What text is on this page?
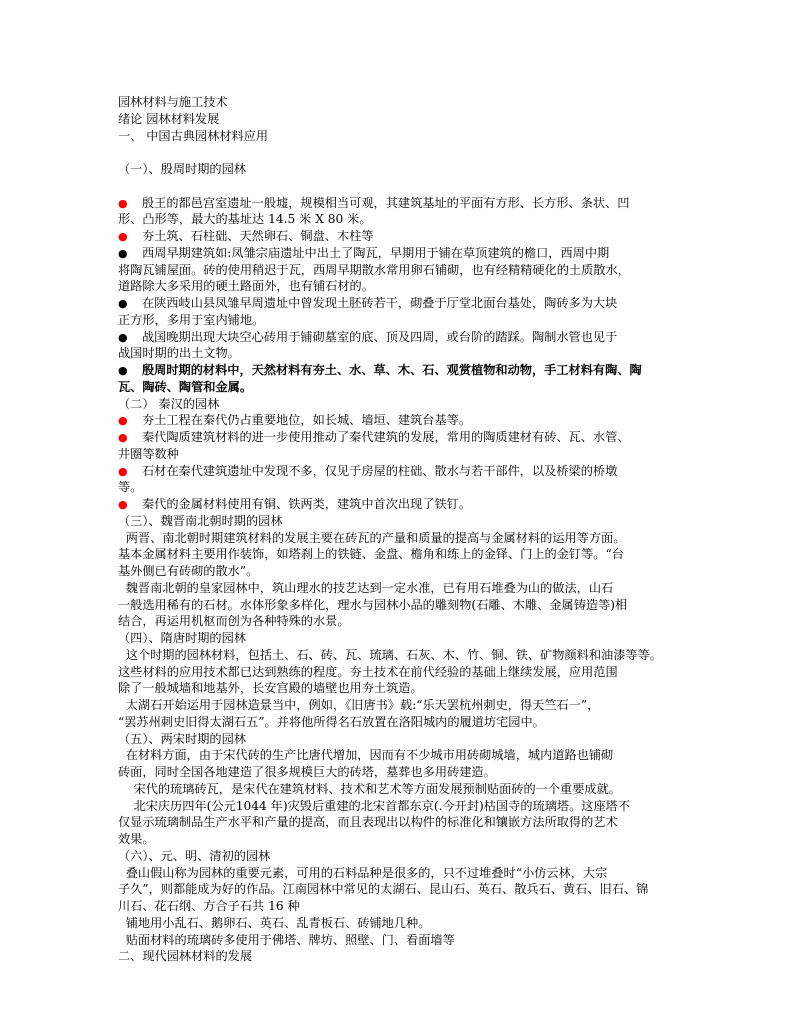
园林材料与施工技术
绪论 园林材料发展
一、 中国古典园林材料应用
（一）、殷周时期的园林
● 殷王的都邑宫室遗址一般墟，规模相当可观，其建筑基址的平面有方形、长方形、条状、凹
形、凸形等，最大的基址达 14.5 米 X 80 米。
● 夯土筑、石柱础、天然卵石、铜盘、木柱等
● 西周早期建筑如:凤雏宗庙遗址中出土了陶瓦，早期用于铺在草顶建筑的檐口，西周中期
将陶瓦铺屋面。砖的使用稍迟于瓦，西周早期散水常用卵石铺砌，也有经精精硬化的土质散水，
道路除大多采用的硬土路面外，也有铺石材的。
● 在陕西岐山县凤雏早周遗址中曾发现土胚砖若干，砌叠于厅堂北面台基处，陶砖多为大块
正方形，多用于室内铺地。
● 战国晚期出现大块空心砖用于铺砌墓室的底、顶及四周，或台阶的踏踩。陶制水管也见于
战国时期的出土文物。
● 殷周时期的材料中，天然材料有夯土、水、草、木、石、观赏植物和动物，手工材料有陶、陶
瓦、陶砖、陶管和金属。
（二） 秦汉的园林
● 夯土工程在秦代仍占重要地位，如长城、墙垣、建筑台基等。
● 秦代陶质建筑材料的进一步使用推动了秦代建筑的发展，常用的陶质建材有砖、瓦、水管、
井圈等数种
● 石材在秦代建筑遗址中发现不多，仅见于房屋的柱础、散水与若干部件，以及桥梁的桥墩
等。
● 秦代的金属材料使用有铜、铁两类，建筑中首次出现了铁钉。
（三）、魏晋南北朝时期的园林
两晋、南北朝时期建筑材料的发展主要在砖瓦的产量和质量的提高与金属材料的运用等方面。
基本金属材料主要用作装饰，如塔刹上的铁链、金盘、檐角和练上的金铎、门上的金钉等。“台
基外侧已有砖砌的散水”。
魏晋南北朝的皇家园林中，筑山理水的技艺达到一定水准，已有用石堆叠为山的做法，山石
一般选用稀有的石材。水体形象多样化，理水与园林小品的雕刻物(石雕、木雕、金属铸造等)相
结合，再运用机枢而创为各种特殊的水景。
（四）、隋唐时期的园林
这个时期的园林材料，包括土、石、砖、瓦、琉璃、石灰、木、竹、铜、铁、矿物颜料和油漆等等。
这些材料的应用技术都已达到熟练的程度。夯土技术在前代经验的基础上继续发展，应用范围
除了一般城墙和地基外，长安宫殿的墙壁也用夯土筑造。
太湖石开始运用于园林造景当中，例如，《旧唐书》载:“乐天罢杭州刺史，得天竺石一”，
“罢苏州刺史旧得太湖石五”。并将他所得名石放置在洛阳城内的履道坊宅园中。
（五）、两宋时期的园林
在材料方面，由于宋代砖的生产比唐代增加，因而有不少城市用砖砌城墙，城内道路也铺砌
砖面，同时全国各地建造了很多规模巨大的砖塔，墓葬也多用砖建造。
宋代的琉璃砖瓦，是宋代在建筑材料、技术和艺术等方面发展预制贴面砖的一个重要成就。
北宋庆历四年(公元1044 年)灾毁后重建的北宋首都东京(.今开封)枯国寺的琉璃塔。这座塔不
仅显示琉璃制品生产水平和产量的提高，而且表现出以构件的标准化和镶嵌方法所取得的艺术
效果。
（六）、元、明、清初的园林
叠山假山称为园林的重要元素，可用的石料品种是很多的，只不过堆叠时“小仿云林，大宗
子久”，则都能成为好的作品。江南园林中常见的太湖石、昆山石、英石、散兵石、黄石、旧石、锦
川石、花石纲、方合子石共 16 种
铺地用小乱石、鹅卵石、英石、乱青板石、砖铺地几种。
贴面材料的琉璃砖多使用于佛塔、牌坊、照壁、门、看面墙等
二、现代园林材料的发展
